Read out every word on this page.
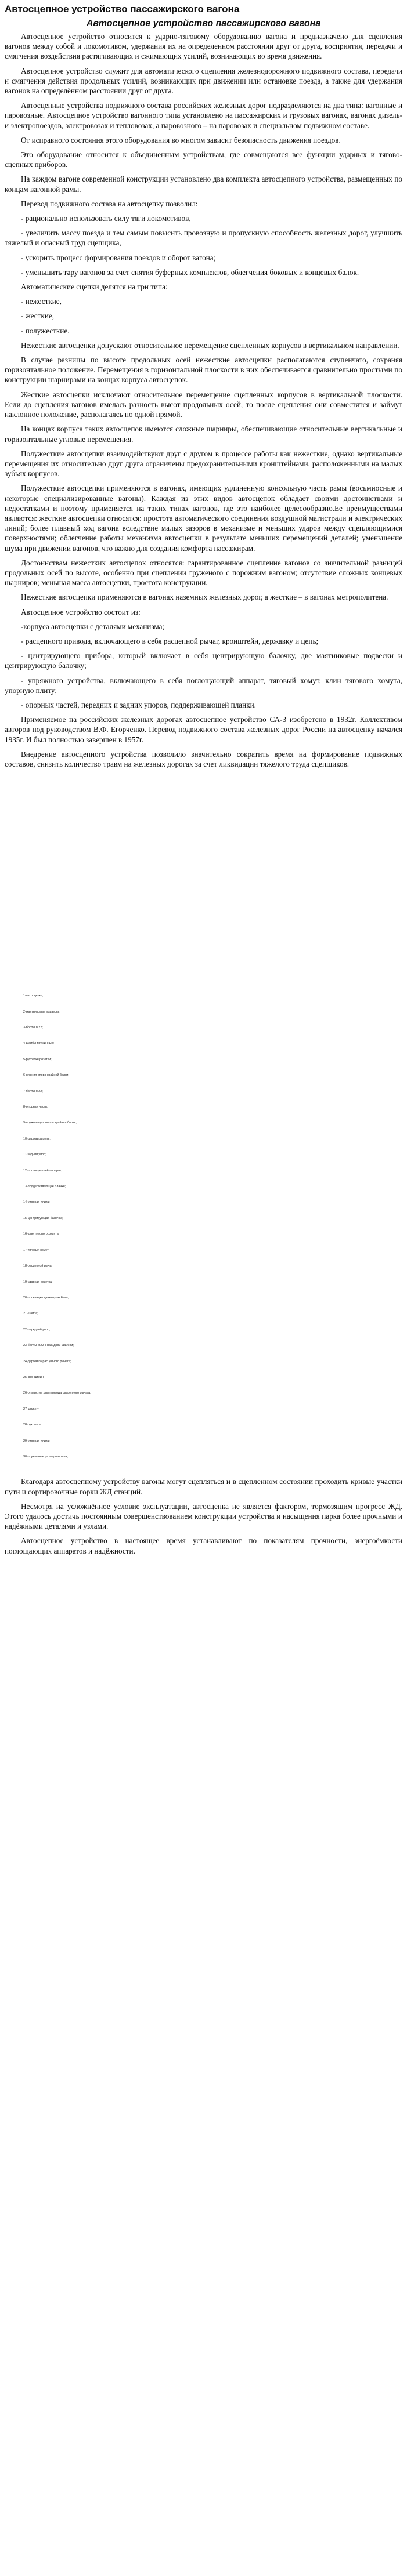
Автосцепное устройство пассажирского вагона
Автосцепное устройство пассажирского вагона

Автосцепное устройство относится к ударно-тяговому оборудованию вагона и предназначено для сцепления вагонов между собой и локомотивом, удержания их на определенном расстоянии друг от друга, восприятия, передачи и смягчения воздействия растягивающих и сжимающих усилий, возникающих во время движения.

Автосцепное устройство служит для автоматического сцепления железнодорожного подвижного состава, передачи и смягчения действия продольных усилий, возникающих при движении или остановке поезда, а также для удержания вагонов на определённом расстоянии друг от друга.

Автосцепные устройства подвижного состава российских железных дорог подразделяются на два типа: вагонные и паровозные. Автосцепное устройство вагонного типа установлено на пассажирских и грузовых вагонах, вагонах дизель- и электропоездов, электровозах и тепловозах, а паровозного – на паровозах и специальном подвижном составе.

От исправного состояния этого оборудования во многом зависит безопасность движения поездов.

Это оборудование относится к объединенным устройствам, где совмещаются все функции ударных и тягово-сцепных приборов.

На каждом вагоне современной конструкции установлено два комплекта автосцепного устройства, размещенных по концам вагонной рамы.

Перевод подвижного состава на автосцепку позволил:

- рационально использовать силу тяги локомотивов,

- увеличить массу поезда и тем самым повысить провозную и пропускную способность железных дорог, улучшить тяжелый и опасный труд сцепщика,

- ускорить процесс формирования поездов и оборот вагона;

- уменьшить тару вагонов за счет снятия буферных комплектов, облегчения боковых и концевых балок.

Автоматические сцепки делятся на три типа:

- нежесткие,

- жесткие,

- полужесткие.

Нежесткие автосцепки допускают относительное перемещение сцепленных корпусов в вертикальном направлении.

В случае разницы по высоте продольных осей нежесткие автосцепки располагаются ступенчато, сохраняя горизонтальное положение. Перемещения в горизонтальной плоскости в них обеспечивается сравнительно простыми по конструкции шарнирами на концах корпуса автосцепок.

Жесткие автосцепки исключают относительное перемещение сцепленных корпусов в вертикальной плоскости. Если до сцепления вагонов имелась разность высот продольных осей, то после сцепления они совместятся и займут наклонное положение, располагаясь по одной прямой.

На концах корпуса таких автосцепок имеются сложные шарниры, обеспечивающие относительные вертикальные и горизонтальные угловые перемещения.

Полужесткие автосцепки взаимодействуют друг с другом в процессе работы как нежесткие, однако вертикальные перемещения их относительно друг друга ограничены предохранительными кронштейнами, расположенными на малых зубьях корпусов.

Полужесткие автосцепки применяются в вагонах, имеющих удлиненную консольную часть рамы (восьмиосные и некоторые специализированные вагоны). Каждая из этих видов автосцепок обладает своими достоинствами и недостатками и поэтому применяется на таких типах вагонов, где это наиболее целесообразно.Ее преимуществами являются: жесткие автосцепки относятся: простота автоматического соединения воздушной магистрали и электрических линий; более плавный ход вагона вследствие малых зазоров в механизме и меньших ударов между сцепляющимися поверхностями; облегчение работы механизма автосцепки в результате меньших перемещений деталей; уменьшение шума при движении вагонов, что важно для создания комфорта пассажирам.

Достоинствам нежестких автосцепок относятся: гарантированное сцепление вагонов со значительной разницей продольных осей по высоте, особенно при сцеплении груженого с порожним вагоном; отсутствие сложных концевых шарниров; меньшая масса автосцепки, простота конструкции.

Нежесткие автосцепки применяются в вагонах наземных железных дорог, а жесткие – в вагонах метрополитена.

Автосцепное устройство состоит из:

-корпуса автосцепки с деталями механизма;

- расцепного привода, включающего в себя расцепной рычаг, кронштейн, державку и цепь;

- центрирующего прибора, который включает в себя центрирующую балочку, две маятниковые подвески и центрирующую балочку;

- упряжного устройства, включающего в себя поглощающий аппарат, тяговый хомут, клин тягового хомута, упорную плиту;

- опорных частей, передних и задних упоров, поддерживающей планки.

Применяемое на российских железных дорогах автосцепное устройство СА-3 изобретено в 1932г. Коллективом авторов под руководством В.Ф. Егорченко. Перевод подвижного состава железных дорог России на автосцепку начался 1935г. И был полностью завершен в 1957г.

Внедрение автосцепного устройства позволило значительно сократить время на формирование подвижных составов, снизить количество травм на железных дорогах за счет ликвидации тяжелого труда сцепщиков.

1-автосцепка;
2-маятниковые подвески;
3-болты М22;
4-шайбы пружинные;
5-рукоятки розетки;
6-нижняя опора крайней балки;
7-болты М22;
8-опорная часть;
9-пружинящая опора крайняя балки;
10-державка цепи;
11-задний упор;
12-поглощающий аппарат;
13-поддерживающие планки;
14-упорная плита;
15-центрирующая балочка;
16-клин тягового хомута;
17-тяговый хомут;
18-расцепной рычаг;
19-ударная розетка;
20-прокладка диаметром 6 мм;
21-шайба;
22-передний упор;
23-болты М22 с накидной шайбой;
24-державка расцепного рычага;
25-кронштейн;
26-отверстие для привода расцепного рычага;
27-шплинт;
28-рукоятка;
29-упорная плита;
30-пружинные разъединители;

Благодаря автосцепному устройству вагоны могут сцепляться и в сцепленном состоянии проходить кривые участки пути и сортировочные горки ЖД станций.

Несмотря на усложнённое условие эксплуатации, автосцепка не является фактором, тормозящим прогресс ЖД. Этого удалось достичь постоянным совершенствованием конструкции устройства и насыщения парка более прочными и надёжными деталями и узлами.

Автосцепное устройство в настоящее время устанавливают по показателям прочности, энергоёмкости поглощающих аппаратов и надёжности.
